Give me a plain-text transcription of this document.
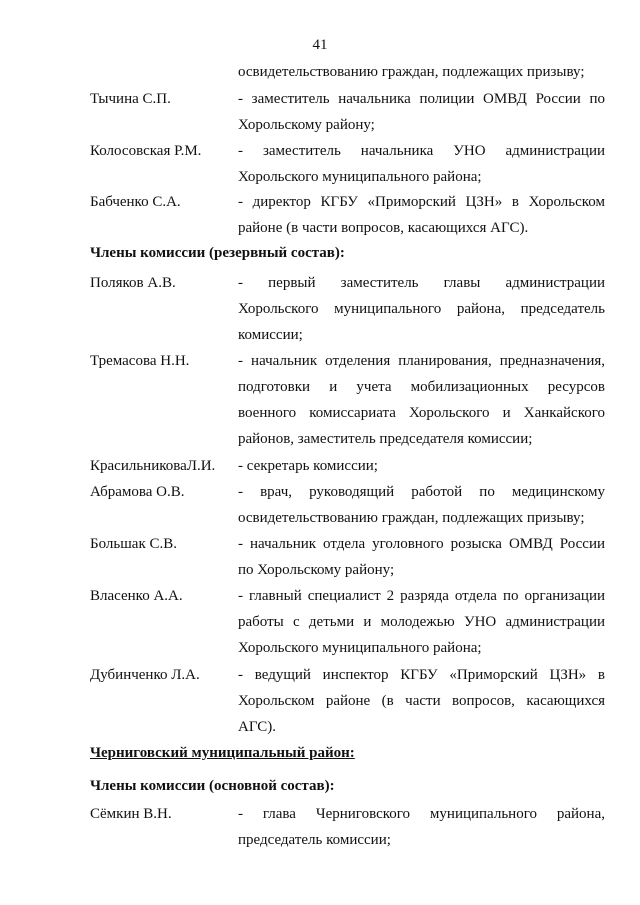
41
освидетельствованию граждан, подлежащих призыву;
Тычина С.П.	- заместитель начальника полиции ОМВД России по
Хорольскому району;
Колосовская Р.М. - заместитель начальника УНО администрации
Хорольского муниципального района;
Бабченко С.А.	- директор КГБУ «Приморский ЦЗН» в Хорольском
районе (в части вопросов, касающихся АГС).
Члены комиссии (резервный состав):
Поляков А.В.	- первый заместитель главы администрации
Хорольского муниципального района, председатель
комиссии;
Тремасова Н.Н.	- начальник отделения планирования, предназначения,
подготовки и учета мобилизационных ресурсов
военного комиссариата Хорольского и Ханкайского
районов, заместитель председателя комиссии;
КрасильниковаЛ.И. - секретарь комиссии;
Абрамова О.В.	- врач, руководящий работой по медицинскому
освидетельствованию граждан, подлежащих призыву;
Большак С.В.	- начальник отдела уголовного розыска ОМВД России
по Хорольскому району;
Власенко А.А.	- главный специалист 2 разряда отдела по организации
работы с детьми и молодежью УНО администрации
Хорольского муниципального района;
Дубинченко Л.А.	- ведущий инспектор КГБУ «Приморский ЦЗН» в
Хорольском районе (в части вопросов, касающихся
АГС).
Черниговский муниципальный район:
Члены комиссии (основной состав):
Сёмкин В.Н.	- глава Черниговского муниципального района,
председатель комиссии;
